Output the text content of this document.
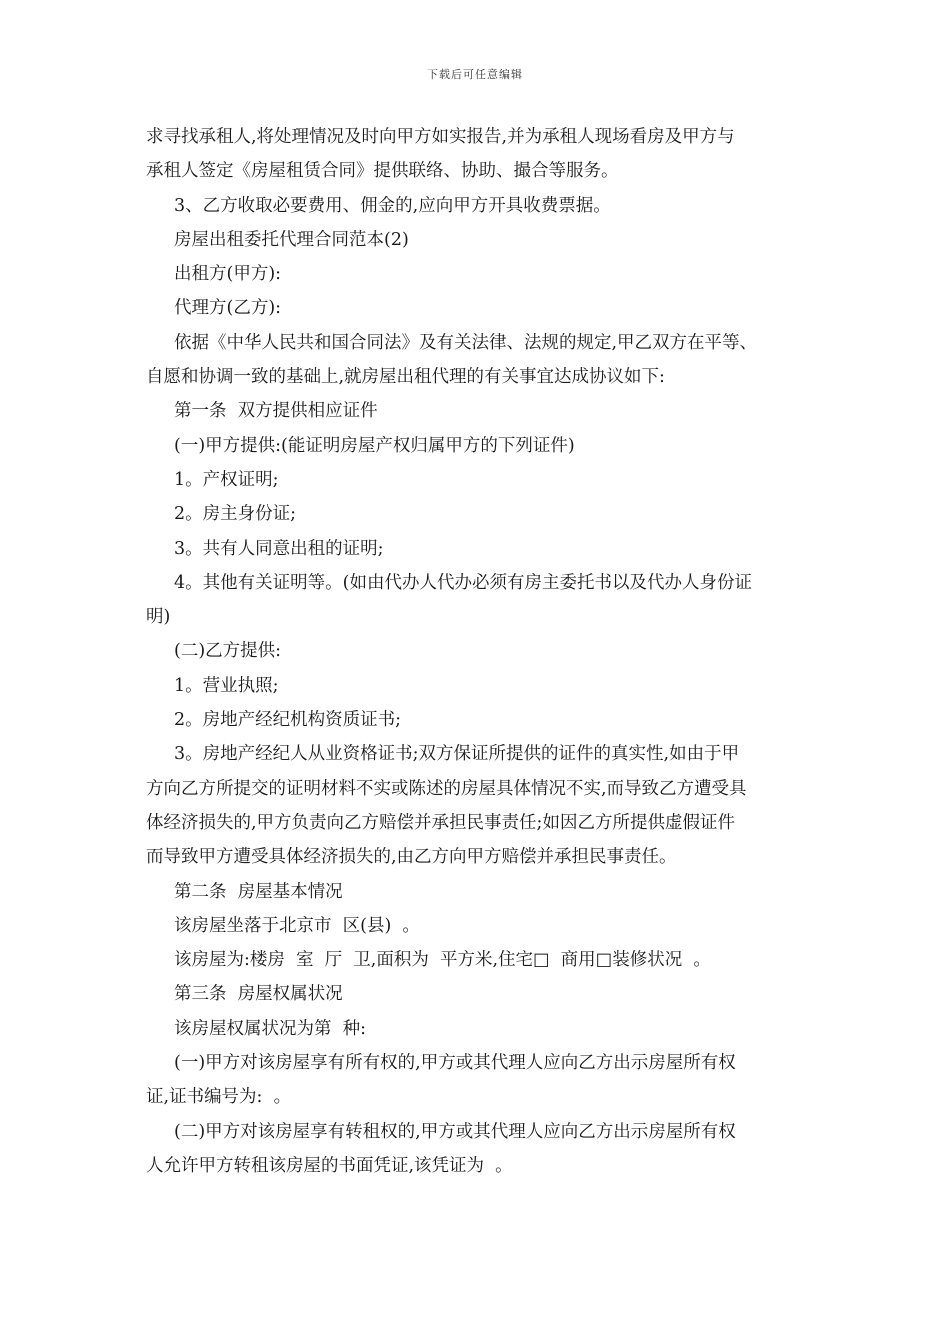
下载后可任意编辑

求寻找承租人,将处理情况及时向甲方如实报告,并为承租人现场看房及甲方与
承租人签定《房屋租赁合同》提供联络、协助、撮合等服务。

3、乙方收取必要费用、佣金的,应向甲方开具收费票据。

房屋出租委托代理合同范本(2)

出租方(甲方):

代理方(乙方):

依据《中华人民共和国合同法》及有关法律、法规的规定,甲乙双方在平等、
自愿和协调一致的基础上,就房屋出租代理的有关事宜达成协议如下:

第一条  双方提供相应证件

(一)甲方提供:(能证明房屋产权归属甲方的下列证件)

1。产权证明;

2。房主身份证;

3。共有人同意出租的证明;

4。其他有关证明等。(如由代办人代办必须有房主委托书以及代办人身份证
明)

(二)乙方提供:

1。营业执照;

2。房地产经纪机构资质证书;

3。房地产经纪人从业资格证书;双方保证所提供的证件的真实性,如由于甲
方向乙方所提交的证明材料不实或陈述的房屋具体情况不实,而导致乙方遭受具
体经济损失的,甲方负责向乙方赔偿并承担民事责任;如因乙方所提供虚假证件
而导致甲方遭受具体经济损失的,由乙方向甲方赔偿并承担民事责任。

第二条  房屋基本情况

该房屋坐落于北京市  区(县)  。

该房屋为:楼房  室  厅  卫,面积为  平方米,住宅□  商用□装修状况  。

第三条  房屋权属状况

该房屋权属状况为第  种:

(一)甲方对该房屋享有所有权的,甲方或其代理人应向乙方出示房屋所有权
证,证书编号为:  。

(二)甲方对该房屋享有转租权的,甲方或其代理人应向乙方出示房屋所有权
人允许甲方转租该房屋的书面凭证,该凭证为  。
